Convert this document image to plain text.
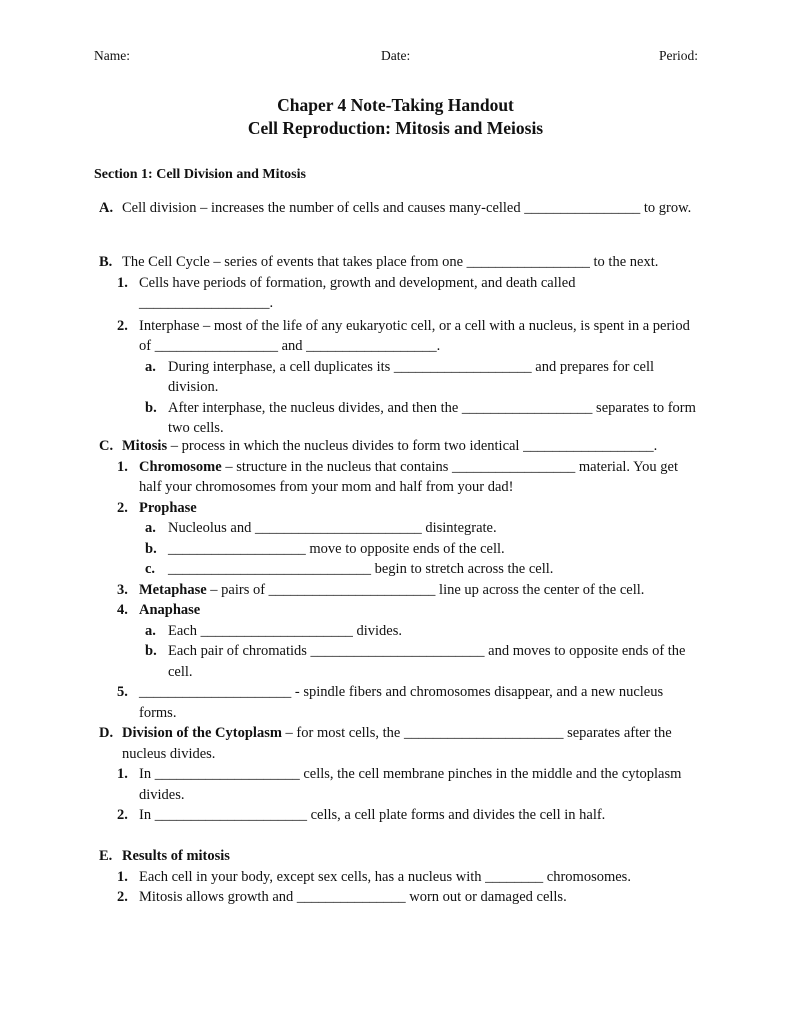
Name:	Date:	Period:
Chaper 4 Note-Taking Handout
Cell Reproduction: Mitosis and Meiosis
Section 1: Cell Division and Mitosis
A. Cell division – increases the number of cells and causes many-celled ________________ to grow.
B. The Cell Cycle – series of events that takes place from one _________________ to the next.
1. Cells have periods of formation, growth and development, and death called __________________.
2. Interphase – most of the life of any eukaryotic cell, or a cell with a nucleus, is spent in a period of _________________ and __________________.
a. During interphase, a cell duplicates its ___________________ and prepares for cell division.
b. After interphase, the nucleus divides, and then the __________________ separates to form two cells.
C. Mitosis – process in which the nucleus divides to form two identical __________________.
1. Chromosome – structure in the nucleus that contains _________________ material. You get half your chromosomes from your mom and half from your dad!
2. Prophase
a. Nucleolus and _______________________ disintegrate.
b. ___________________ move to opposite ends of the cell.
c. ____________________________ begin to stretch across the cell.
3. Metaphase – pairs of _______________________ line up across the center of the cell.
4. Anaphase
a. Each _____________________ divides.
b. Each pair of chromatids ________________________ and moves to opposite ends of the cell.
5. _____________________ - spindle fibers and chromosomes disappear, and a new nucleus forms.
D. Division of the Cytoplasm – for most cells, the ______________________ separates after the nucleus divides.
1. In ____________________ cells, the cell membrane pinches in the middle and the cytoplasm divides.
2. In _____________________ cells, a cell plate forms and divides the cell in half.
E. Results of mitosis
1. Each cell in your body, except sex cells, has a nucleus with ________ chromosomes.
2. Mitosis allows growth and _______________ worn out or damaged cells.
